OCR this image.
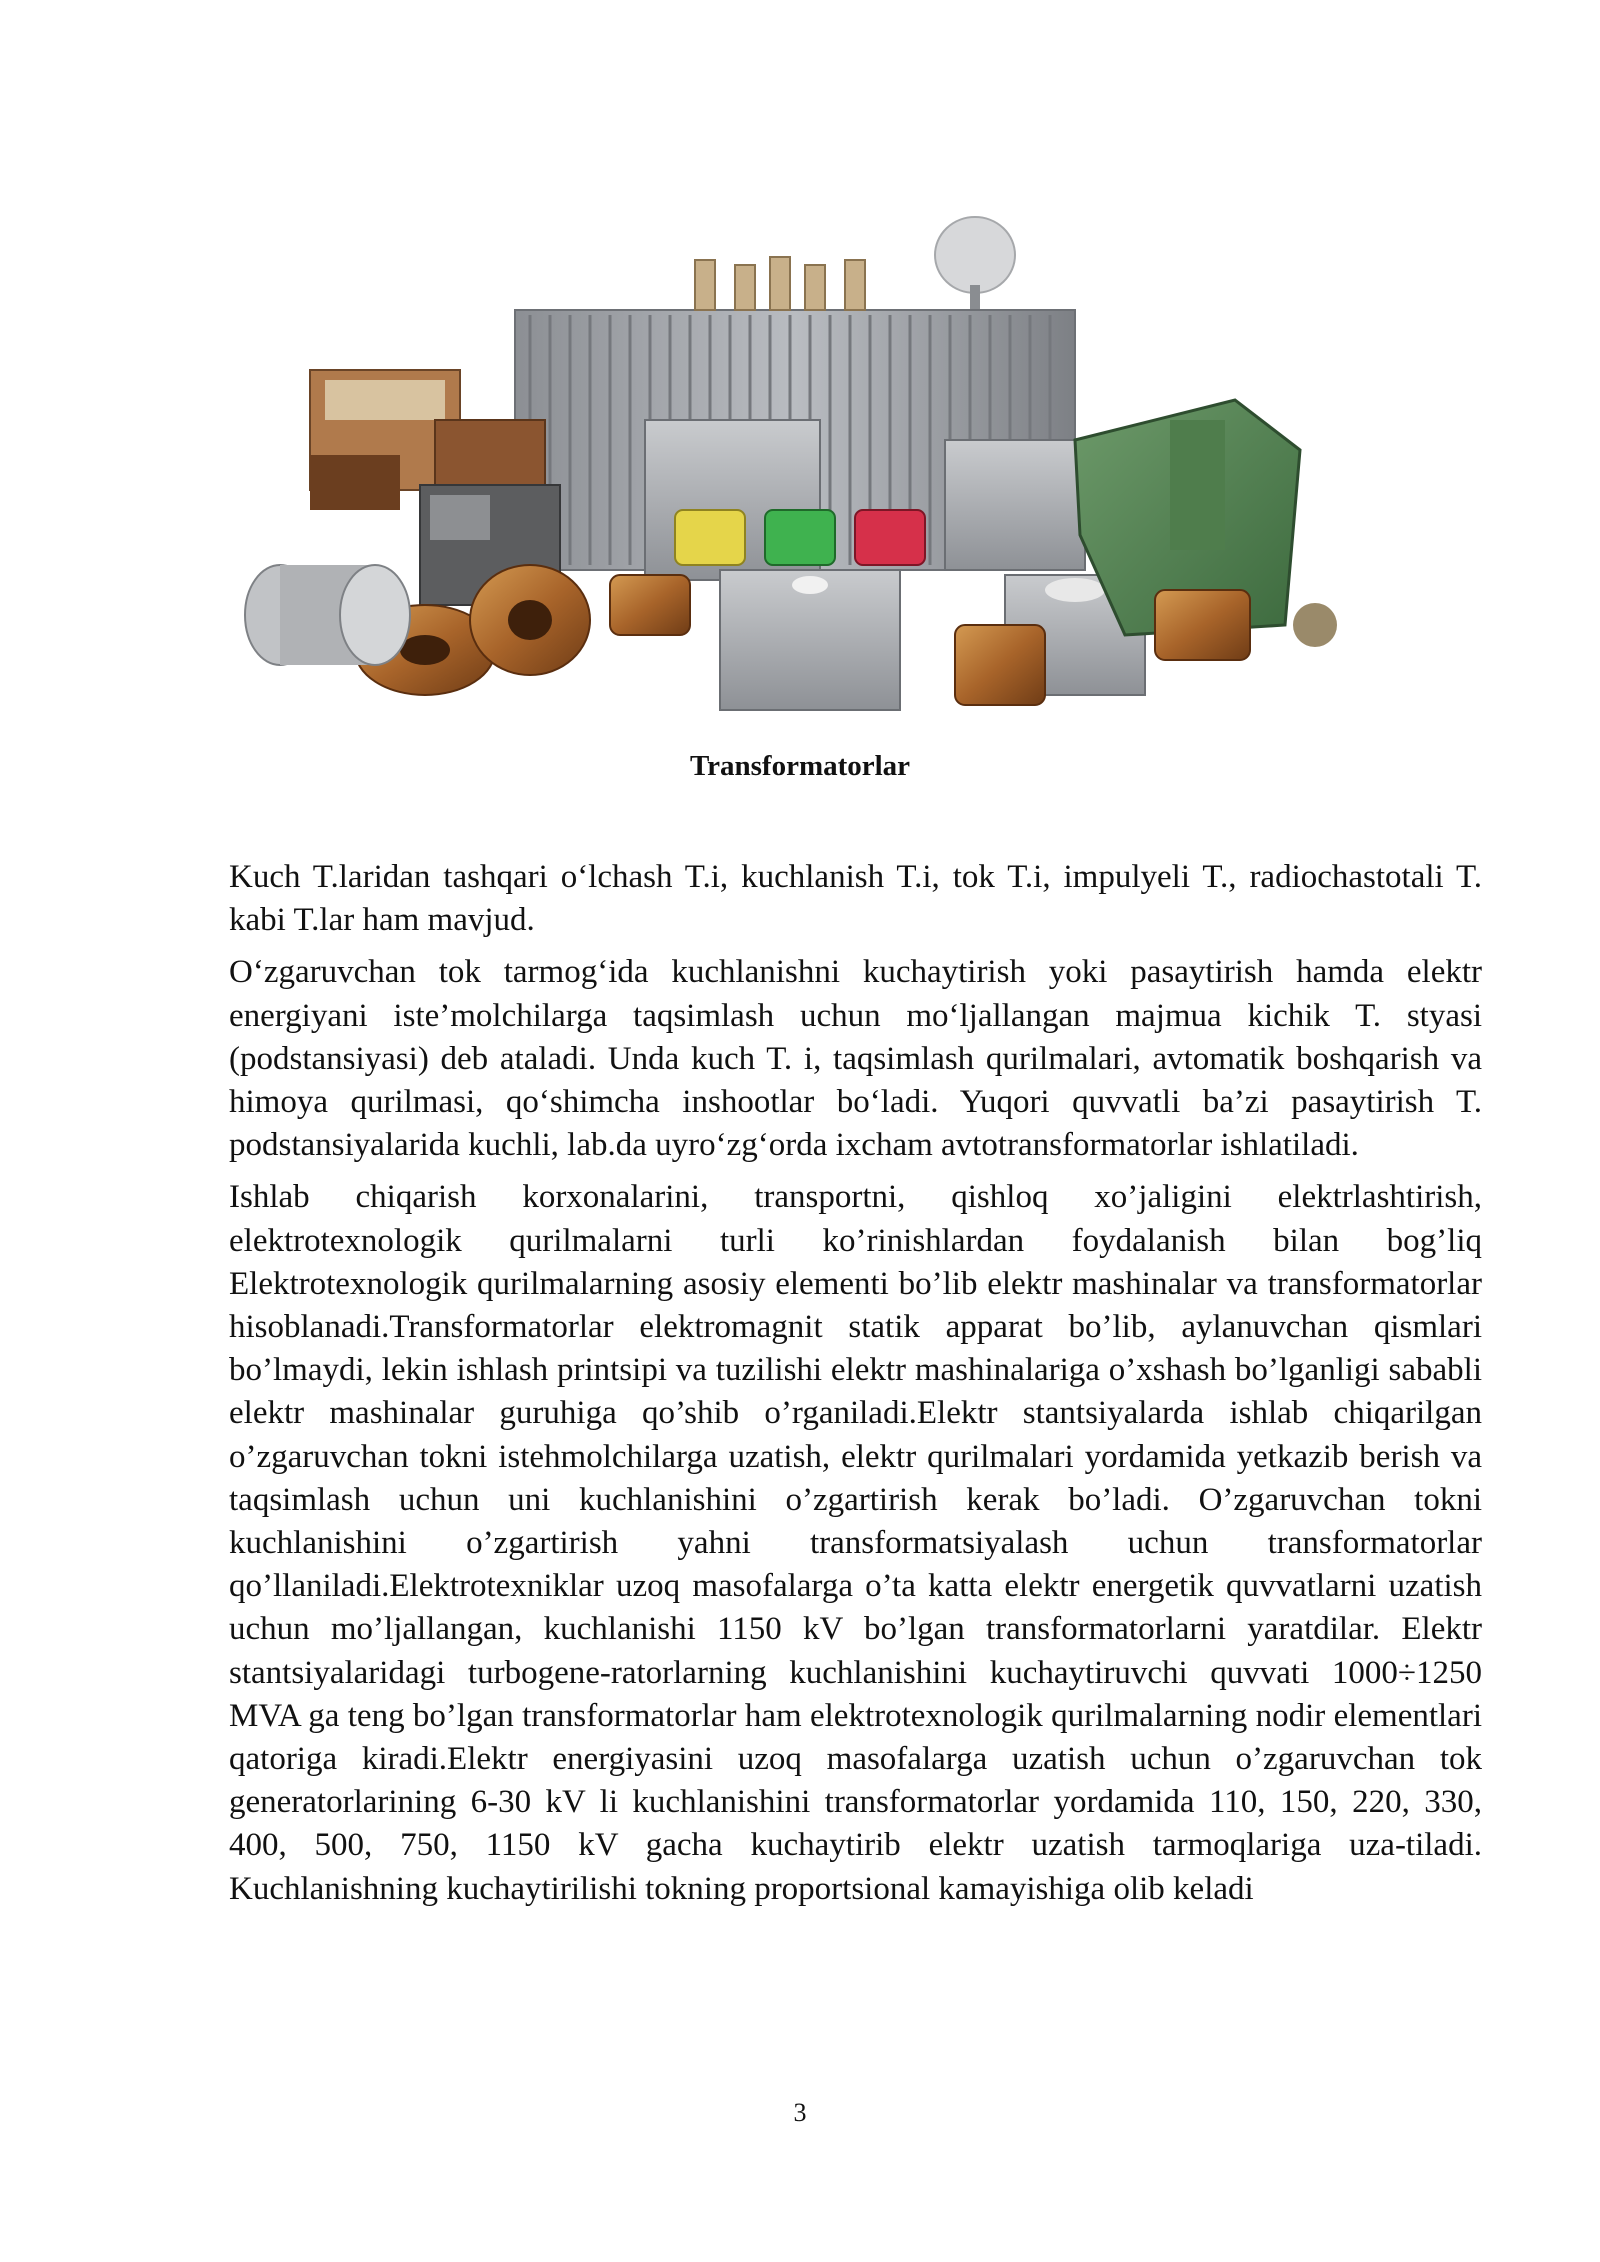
Transformatorlar

Kuch T.laridan tashqari o‘lchash T.i, kuchlanish T.i, tok T.i, impulyeli T., radiochastotali T. kabi T.lar ham mavjud.

O‘zgaruvchan tok tarmog‘ida kuchlanishni kuchaytirish yoki pasaytirish hamda elektr energiyani iste’molchilarga taqsimlash uchun mo‘ljallangan majmua kichik T. styasi (podstansiyasi) deb ataladi. Unda kuch T. i, taqsimlash qurilmalari, avtomatik boshqarish va himoya qurilmasi, qo‘shimcha inshootlar bo‘ladi. Yuqori quvvatli ba’zi pasaytirish T. podstansiyalarida kuchli, lab.da uyro‘zg‘orda ixcham avtotransformatorlar ishlatiladi.

Ishlab chiqarish korxonalarini, transportni, qishloq xo’jaligini elektrlashtirish, elektrotexnologik qurilmalarni turli ko’rinishlardan foydalanish bilan bog’liq Elektrotexnologik qurilmalarning asosiy elementi bo’lib elektr mashinalar va transformatorlar hisoblanadi.Transformatorlar elektromagnit statik apparat bo’lib, aylanuvchan qismlari bo’lmaydi, lekin ishlash printsipi va tuzilishi elektr mashinalariga o’xshash bo’lganligi sababli elektr mashinalar guruhiga qo’shib o’rganiladi.Elektr stantsiyalarda ishlab chiqarilgan o’zgaruvchan tokni istehmolchilarga uzatish, elektr qurilmalari yordamida yetkazib berish va taqsimlash uchun uni kuchlanishini o’zgartirish kerak bo’ladi. O’zgaruvchan tokni kuchlanishini o’zgartirish yahni transformatsiyalash uchun transformatorlar qo’llaniladi.Elektrotexniklar uzoq masofalarga o’ta katta elektr energetik quvvatlarni uzatish uchun mo’ljallangan, kuchlanishi 1150 kV bo’lgan transformatorlarni yaratdilar. Elektr stantsiyalaridagi turbogene-ratorlarning kuchlanishini kuchaytiruvchi quvvati 1000÷1250 MVA ga teng bo’lgan transformatorlar ham elektrotexnologik qurilmalarning nodir elementlari qatoriga kiradi.Elektr energiyasini uzoq masofalarga uzatish uchun o’zgaruvchan tok generatorlarining 6-30 kV li kuchlanishini transformatorlar yordamida 110, 150, 220, 330, 400, 500, 750, 1150 kV gacha kuchaytirib elektr uzatish tarmoqlariga uza-tiladi. Kuchlanishning kuchaytirilishi tokning proportsional kamayishiga olib keladi

3
